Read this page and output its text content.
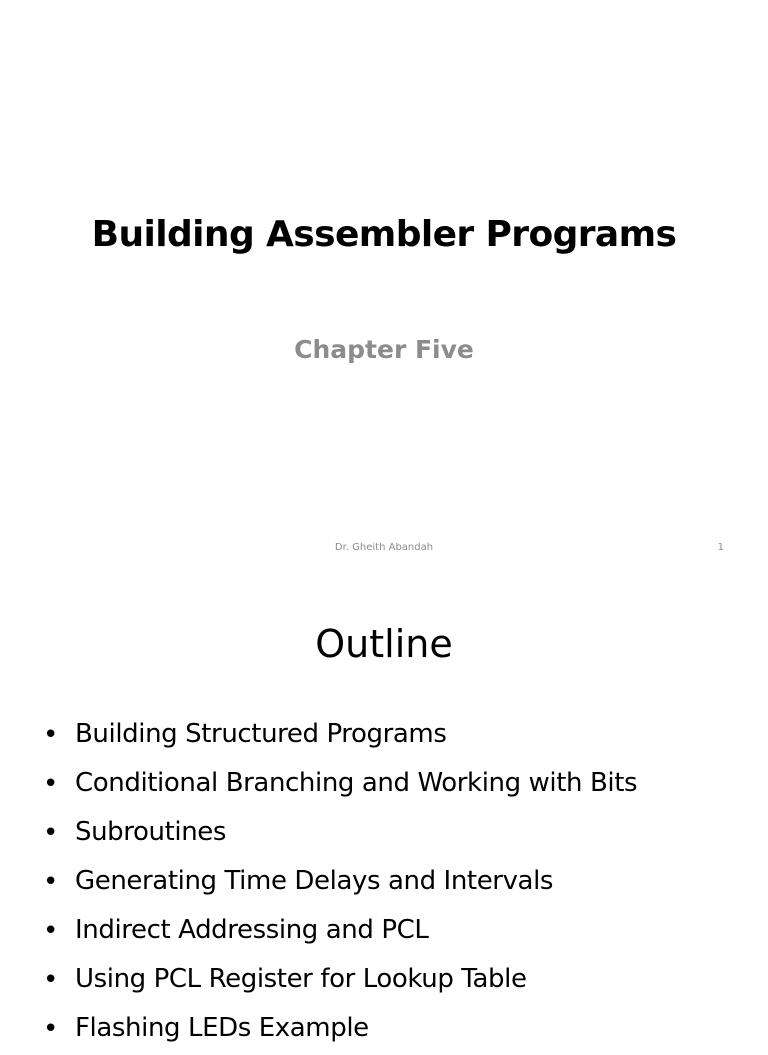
Building Assembler Programs
Chapter Five
Dr. Gheith Abandah	1
Outline
• Building Structured Programs
• Conditional Branching and Working with Bits
• Subroutines
• Generating Time Delays and Intervals
• Indirect Addressing and PCL
• Using PCL Register for Lookup Table
• Flashing LEDs Example
